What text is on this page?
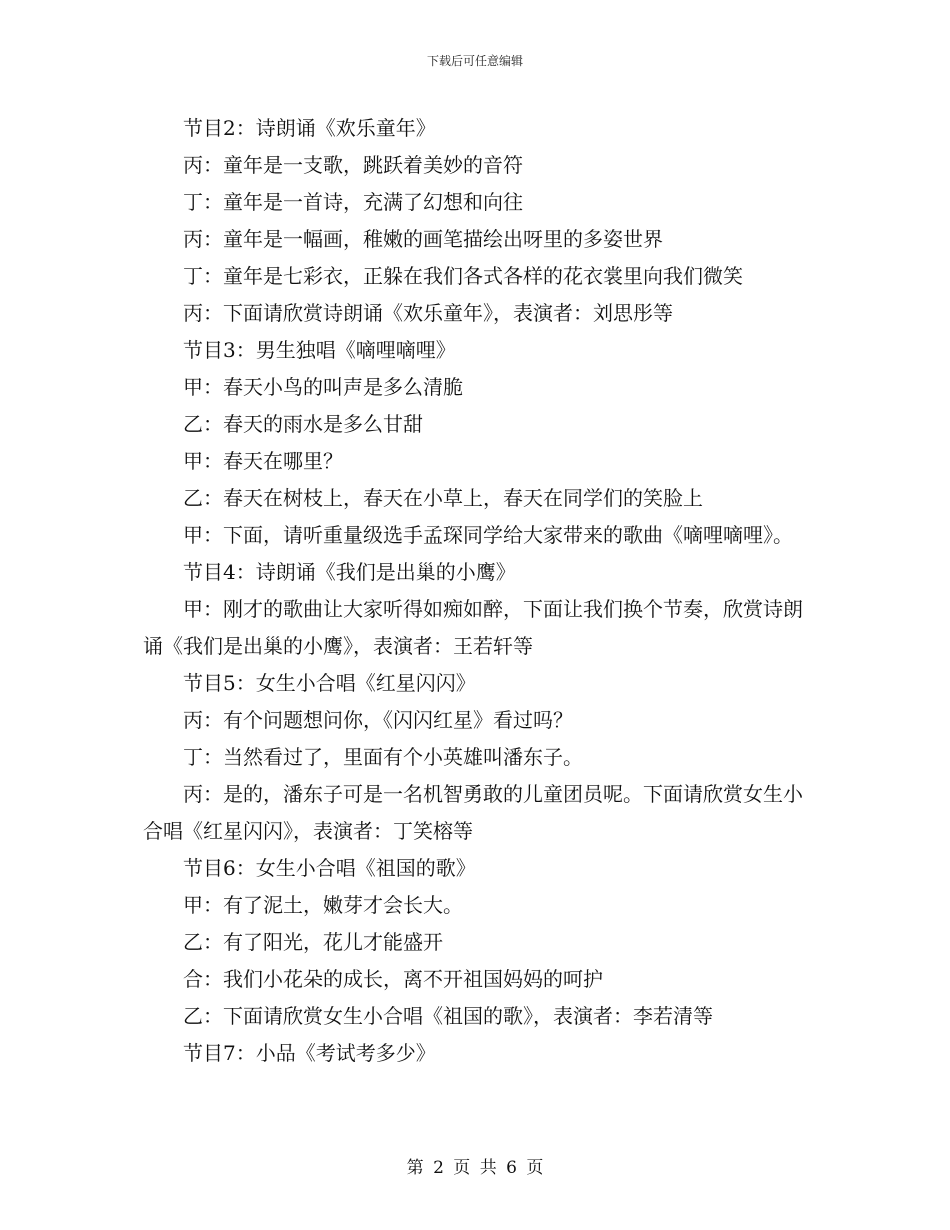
下载后可任意编辑

节目2：诗朗诵《欢乐童年》

丙：童年是一支歌，跳跃着美妙的音符

丁：童年是一首诗，充满了幻想和向往

丙：童年是一幅画，稚嫩的画笔描绘出呀里的多姿世界

丁：童年是七彩衣，正躲在我们各式各样的花衣裳里向我们微笑

丙：下面请欣赏诗朗诵《欢乐童年》，表演者：刘思彤等

节目3：男生独唱《嘀哩嘀哩》

甲：春天小鸟的叫声是多么清脆

乙：春天的雨水是多么甘甜

甲：春天在哪里？

乙：春天在树枝上，春天在小草上，春天在同学们的笑脸上

甲：下面，请听重量级选手孟琛同学给大家带来的歌曲《嘀哩嘀哩》。

节目4：诗朗诵《我们是出巢的小鹰》

甲：刚才的歌曲让大家听得如痴如醉，下面让我们换个节奏，欣赏诗朗诵《我们是出巢的小鹰》，表演者：王若轩等

节目5：女生小合唱《红星闪闪》

丙：有个问题想问你，《闪闪红星》看过吗？

丁：当然看过了，里面有个小英雄叫潘东子。

丙：是的，潘东子可是一名机智勇敢的儿童团员呢。下面请欣赏女生小合唱《红星闪闪》，表演者：丁笑榕等

节目6：女生小合唱《祖国的歌》

甲：有了泥土，嫩芽才会长大。

乙：有了阳光，花儿才能盛开

合：我们小花朵的成长，离不开祖国妈妈的呵护

乙：下面请欣赏女生小合唱《祖国的歌》，表演者：李若清等

节目7：小品《考试考多少》

第 2 页 共 6 页
